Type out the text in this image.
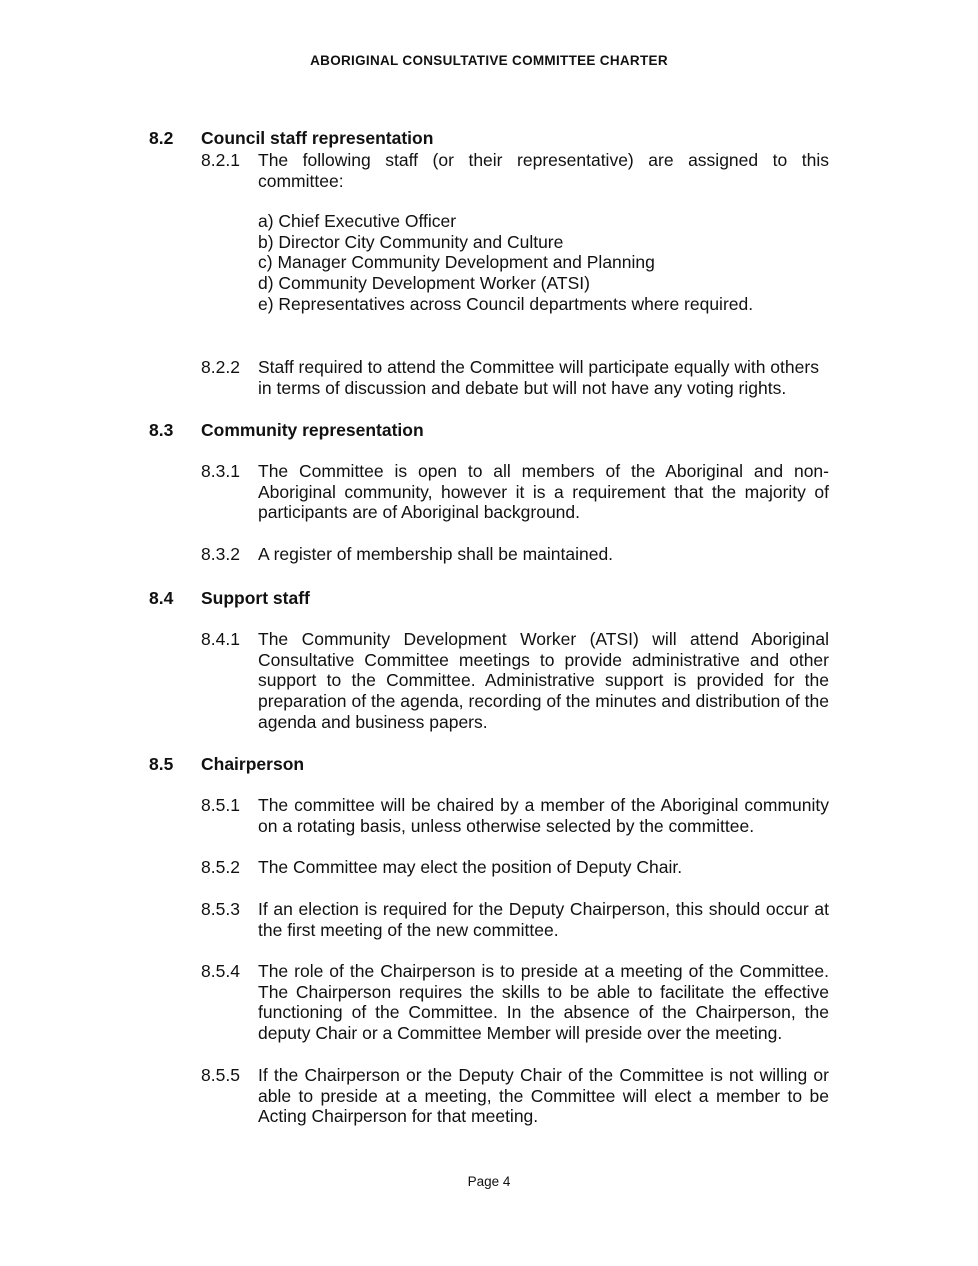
ABORIGINAL CONSULTATIVE COMMITTEE CHARTER
8.2 Council staff representation
8.2.1 The following staff (or their representative) are assigned to this committee:
a) Chief Executive Officer
b) Director City Community and Culture
c) Manager Community Development and Planning
d) Community Development Worker (ATSI)
e) Representatives across Council departments where required.
8.2.2 Staff required to attend the Committee will participate equally with others in terms of discussion and debate but will not have any voting rights.
8.3 Community representation
8.3.1 The Committee is open to all members of the Aboriginal and non-Aboriginal community, however it is a requirement that the majority of participants are of Aboriginal background.
8.3.2 A register of membership shall be maintained.
8.4 Support staff
8.4.1 The Community Development Worker (ATSI) will attend Aboriginal Consultative Committee meetings to provide administrative and other support to the Committee. Administrative support is provided for the preparation of the agenda, recording of the minutes and distribution of the agenda and business papers.
8.5 Chairperson
8.5.1 The committee will be chaired by a member of the Aboriginal community on a rotating basis, unless otherwise selected by the committee.
8.5.2 The Committee may elect the position of Deputy Chair.
8.5.3 If an election is required for the Deputy Chairperson, this should occur at the first meeting of the new committee.
8.5.4 The role of the Chairperson is to preside at a meeting of the Committee. The Chairperson requires the skills to be able to facilitate the effective functioning of the Committee. In the absence of the Chairperson, the deputy Chair or a Committee Member will preside over the meeting.
8.5.5 If the Chairperson or the Deputy Chair of the Committee is not willing or able to preside at a meeting, the Committee will elect a member to be Acting Chairperson for that meeting.
Page 4
